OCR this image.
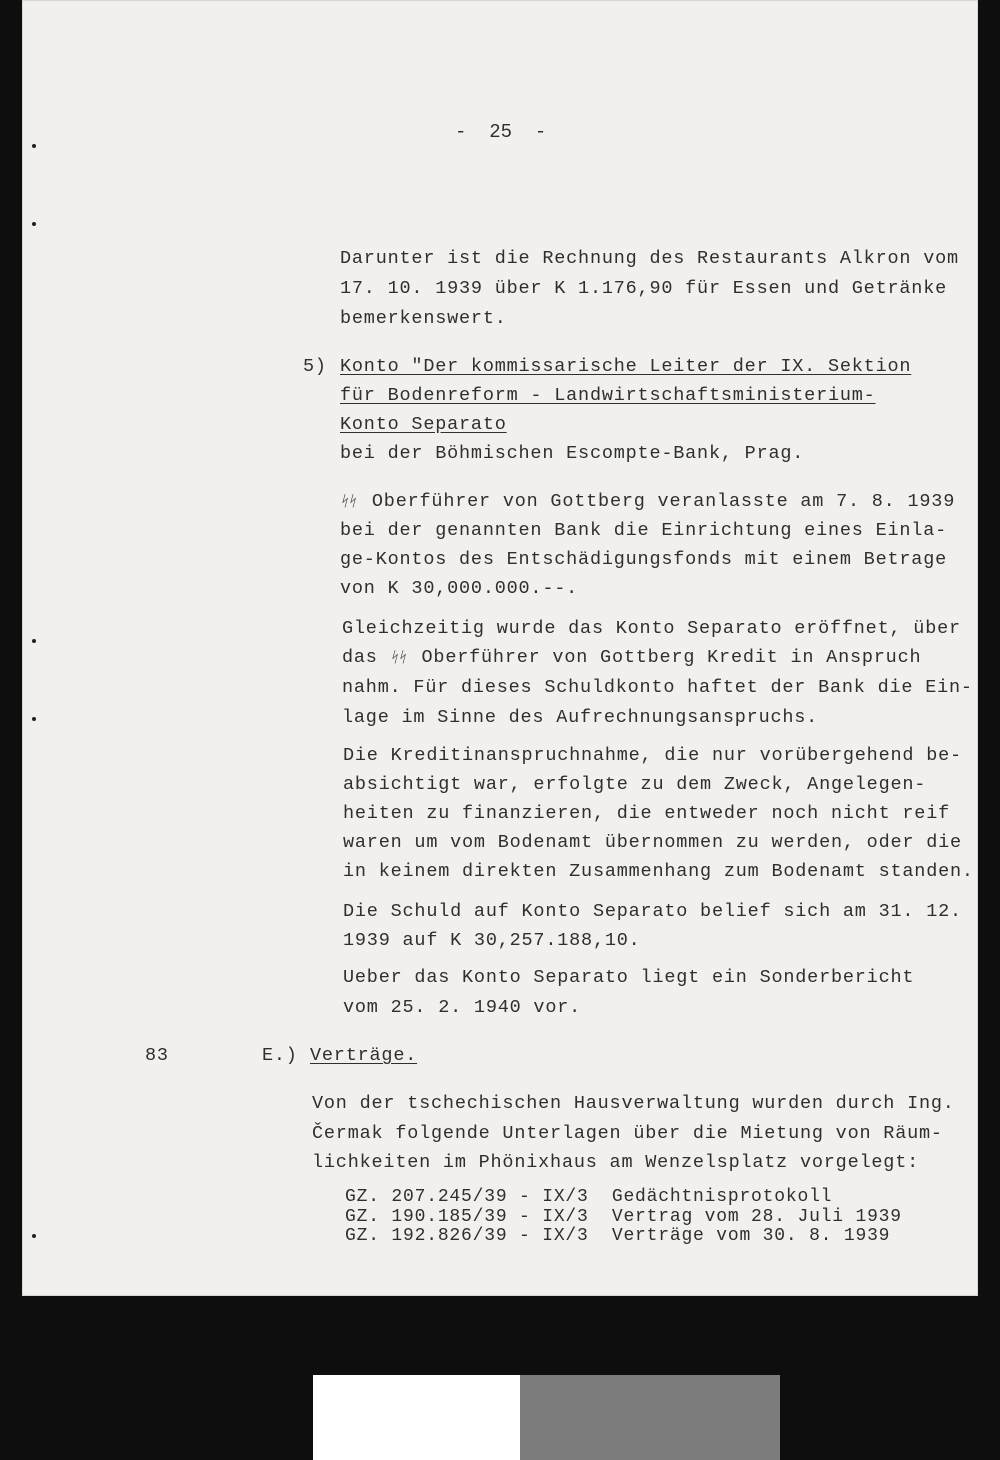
-  25  -
Darunter ist die Rechnung des Restaurants Alkron vom
17. 10. 1939 über K 1.176,90 für Essen und Getränke
bemerkenswert.
5) Konto "Der kommissarische Leiter der IX. Sektion
für Bodenreform - Landwirtschaftsministerium-
Konto Separato
bei der Böhmischen Escompte-Bank, Prag.
ᛋᛋ Oberführer von Gottberg veranlasste am 7. 8. 1939
bei der genannten Bank die Einrichtung eines Einla-
ge-Kontos des Entschädigungsfonds mit einem Betrage
von K 30,000.000.--.
Gleichzeitig wurde das Konto Separato eröffnet, über
das ᛋᛋ Oberführer von Gottberg Kredit in Anspruch
nahm. Für dieses Schuldkonto haftet der Bank die Ein-
lage im Sinne des Aufrechnungsanspruchs.
Die Kreditinanspruchnahme, die nur vorübergehend be-
absichtigt war, erfolgte zu dem Zweck, Angelegen-
heiten zu finanzieren, die entweder noch nicht reif
waren um vom Bodenamt übernommen zu werden, oder die
in keinem direkten Zusammenhang zum Bodenamt standen.
Die Schuld auf Konto Separato belief sich am 31. 12.
1939 auf K 30,257.188,10.
Ueber das Konto Separato liegt ein Sonderbericht
vom 25. 2. 1940 vor.
83	E.) Verträge.
Von der tschechischen Hausverwaltung wurden durch Ing.
Čermak folgende Unterlagen über die Mietung von Räum-
lichkeiten im Phönixhaus am Wenzelsplatz vorgelegt:
GZ. 207.245/39 - IX/3  Gedächtnisprotokoll
GZ. 190.185/39 - IX/3  Vertrag vom 28. Juli 1939
GZ. 192.826/39 - IX/3  Verträge vom 30. 8. 1939
